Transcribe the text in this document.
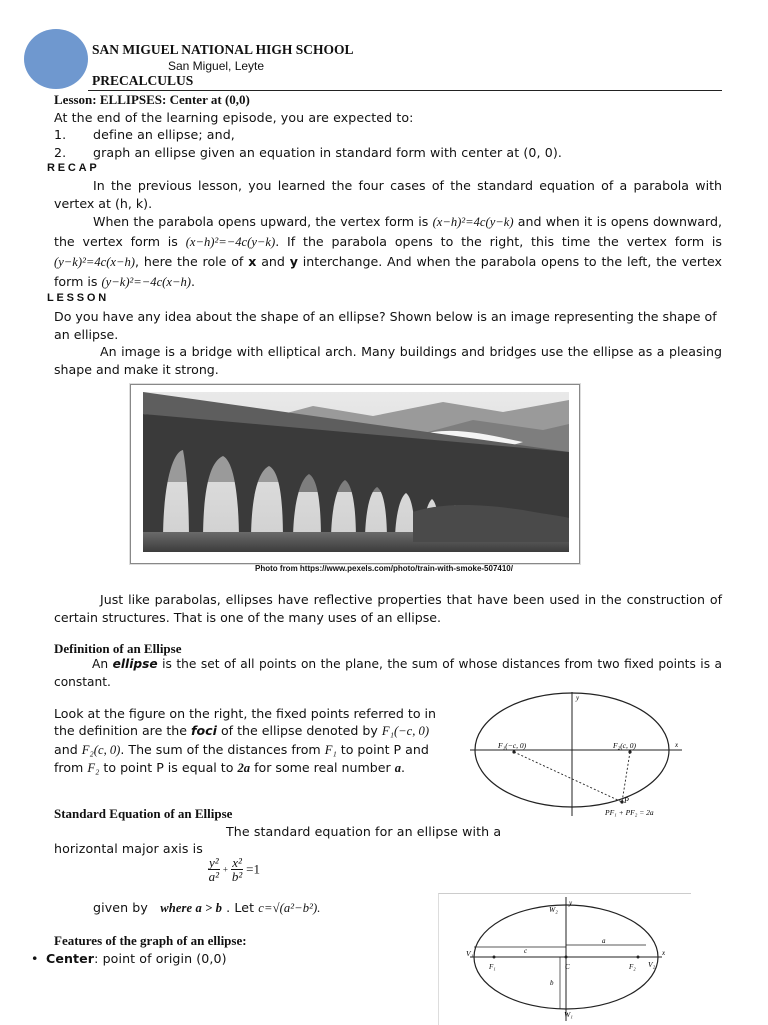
SAN MIGUEL NATIONAL HIGH SCHOOL
San Miguel, Leyte
PRECALCULUS
Lesson: ELLIPSES: Center at (0,0)
At the end of the learning episode, you are expected to:
1. define an ellipse; and,
2. graph an ellipse given an equation in standard form with center at (0, 0).
RECAP
In the previous lesson, you learned the four cases of the standard equation of a parabola with vertex at (h, k).
When the parabola opens upward, the vertex form is (x−h)²=4c(y−k) and when it is opens downward, the vertex form is (x−h)²=−4c(y−k). If the parabola opens to the right, this time the vertex form is (y−k)²=4c(x−h), here the role of x and y interchange. And when the parabola opens to the left, the vertex form is (y−k)²=−4c(x−h).
LESSON
Do you have any idea about the shape of an ellipse? Shown below is an image representing the shape of an ellipse.
An image is a bridge with elliptical arch. Many buildings and bridges use the ellipse as a pleasing shape and make it strong.
Photo from https://www.pexels.com/photo/train-with-smoke-507410/
Just like parabolas, ellipses have reflective properties that have been used in the construction of certain structures. That is one of the many uses of an ellipse.
Definition of an Ellipse
An ellipse is the set of all points on the plane, the sum of whose distances from two fixed points is a constant.
Look at the figure on the right, the fixed points referred to in the definition are the foci of the ellipse denoted by F₁(−c, 0) and F₂(c, 0). The sum of the distances from F₁ to point P and from F₂ to point P is equal to 2a for some real number a.
y
x
F₁(−c, 0)	F₂(c, 0)
P
PF₁ + PF₂ = 2a
Standard Equation of an Ellipse
The standard equation for an ellipse with a
horizontal major axis is
$\frac{\text{y²}}{\text{a²}} + \frac{\text{x²}}{\text{b²}} =1$
given by where a > b . Let c=√(a²−b²).
Features of the graph of an ellipse:
• Center: point of origin (0,0)
W₂
y
x
V₁
V₂
F₁	F₂
C
c
a
b
W₁
